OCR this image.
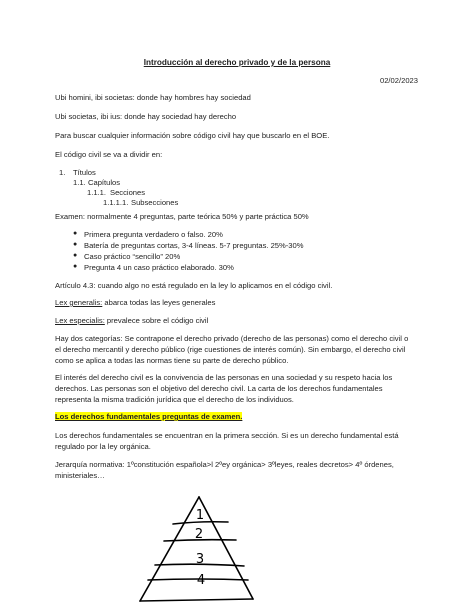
Introducción al derecho privado y de la persona
02/02/2023
Ubi homini, ibi societas: donde hay hombres hay sociedad
Ubi societas, ibi ius: donde hay sociedad hay derecho
Para buscar cualquier información sobre código civil hay que buscarlo en el BOE.
El código civil se va a dividir en:
1. Títulos
1.1. Capítulos
1.1.1. Secciones
1.1.1.1. Subsecciones
Examen: normalmente 4 preguntas, parte teórica 50% y parte práctica 50%
● Primera pregunta verdadero o falso. 20%
● Batería de preguntas cortas, 3-4 líneas. 5-7 preguntas. 25%-30%
● Caso práctico “sencillo” 20%
● Pregunta 4 un caso práctico elaborado. 30%
Artículo 4.3: cuando algo no está regulado en la ley lo aplicamos en el código civil.
Lex generalis: abarca todas las leyes generales
Lex especialis: prevalece sobre el código civil
Hay dos categorías: Se contrapone el derecho privado (derecho de las personas) como el derecho civil o
el derecho mercantil y derecho público (rige cuestiones de interés común). Sin embargo, el derecho civil
como se aplica a todas las normas tiene su parte de derecho público.
El interés del derecho civil es la convivencia de las personas en una sociedad y su respeto hacia los
derechos. Las personas son el objetivo del derecho civil. La carta de los derechos fundamentales
representa la misma tradición jurídica que el derecho de los individuos.
Los derechos fundamentales preguntas de examen.
Los derechos fundamentales se encuentran en la primera sección. Si es un derecho fundamental está
regulado por la ley orgánica.
Jerarquía normativa: 1ºconstitución española>l 2ºey orgánica> 3ºleyes, reales decretos> 4º órdenes,
ministeriales…
1
2
3
4
